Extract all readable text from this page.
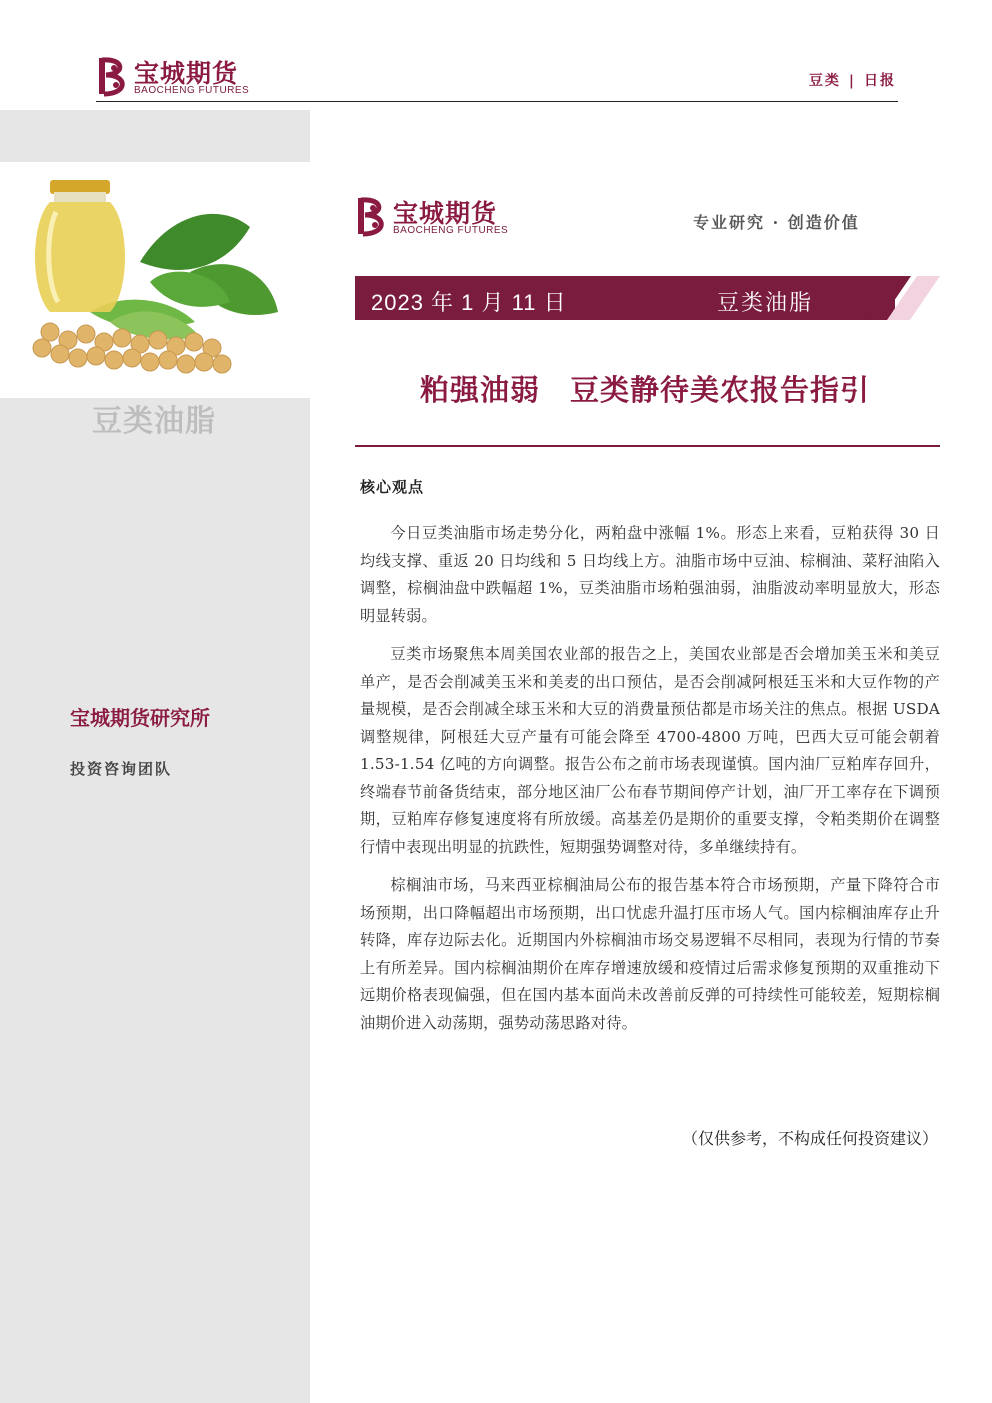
宝城期货
BAOCHENG FUTURES
豆类 | 日报
豆类油脂
宝城期货研究所
投资咨询团队
宝城期货
BAOCHENG FUTURES	专业研究 · 创造价值
2023 年 1 月 11 日	豆类油脂
粕强油弱　豆类静待美农报告指引
核心观点

今日豆类油脂市场走势分化，两粕盘中涨幅 1%。形态上来看，豆粕获得 30 日均线支撑、重返 20 日均线和 5 日均线上方。油脂市场中豆油、棕榈油、菜籽油陷入调整，棕榈油盘中跌幅超 1%，豆类油脂市场粕强油弱，油脂波动率明显放大，形态明显转弱。

豆类市场聚焦本周美国农业部的报告之上，美国农业部是否会增加美玉米和美豆单产，是否会削减美玉米和美麦的出口预估，是否会削减阿根廷玉米和大豆作物的产量规模，是否会削减全球玉米和大豆的消费量预估都是市场关注的焦点。根据 USDA 调整规律，阿根廷大豆产量有可能会降至 4700-4800 万吨，巴西大豆可能会朝着 1.53-1.54 亿吨的方向调整。报告公布之前市场表现谨慎。国内油厂豆粕库存回升，终端春节前备货结束，部分地区油厂公布春节期间停产计划，油厂开工率存在下调预期，豆粕库存修复速度将有所放缓。高基差仍是期价的重要支撑，令粕类期价在调整行情中表现出明显的抗跌性，短期强势调整对待，多单继续持有。

棕榈油市场，马来西亚棕榈油局公布的报告基本符合市场预期，产量下降符合市场预期，出口降幅超出市场预期，出口忧虑升温打压市场人气。国内棕榈油库存止升转降，库存边际去化。近期国内外棕榈油市场交易逻辑不尽相同，表现为行情的节奏上有所差异。国内棕榈油期价在库存增速放缓和疫情过后需求修复预期的双重推动下远期价格表现偏强，但在国内基本面尚未改善前反弹的可持续性可能较差，短期棕榈油期价进入动荡期，强势动荡思路对待。

（仅供参考，不构成任何投资建议）
